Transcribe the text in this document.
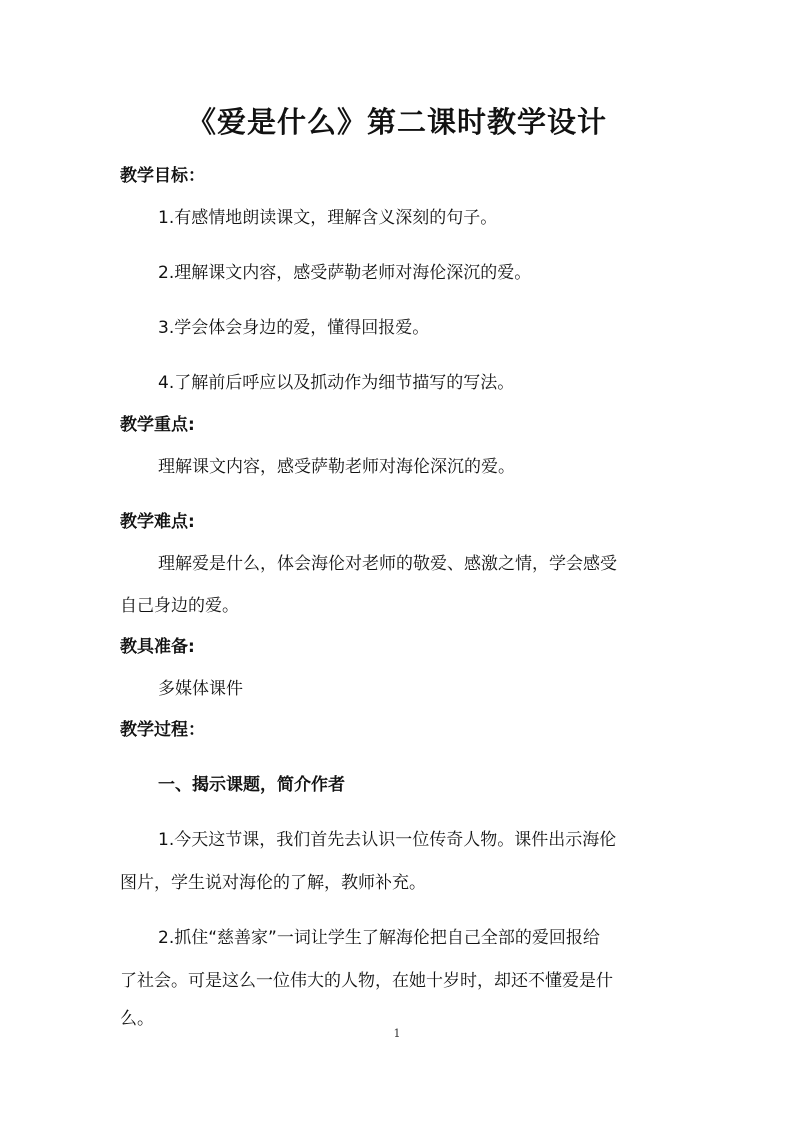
《爱是什么》第二课时教学设计
教学目标：
1.有感情地朗读课文，理解含义深刻的句子。
2.理解课文内容，感受萨勒老师对海伦深沉的爱。
3.学会体会身边的爱，懂得回报爱。
4.了解前后呼应以及抓动作为细节描写的写法。
教学重点:
理解课文内容，感受萨勒老师对海伦深沉的爱。
教学难点:
理解爱是什么，体会海伦对老师的敬爱、感激之情，学会感受
自己身边的爱。
教具准备:
多媒体课件
教学过程：
一、揭示课题，简介作者
1.今天这节课，我们首先去认识一位传奇人物。课件出示海伦
图片，学生说对海伦的了解，教师补充。
2.抓住“慈善家”一词让学生了解海伦把自己全部的爱回报给
了社会。可是这么一位伟大的人物，在她十岁时，却还不懂爱是什
么。
1
